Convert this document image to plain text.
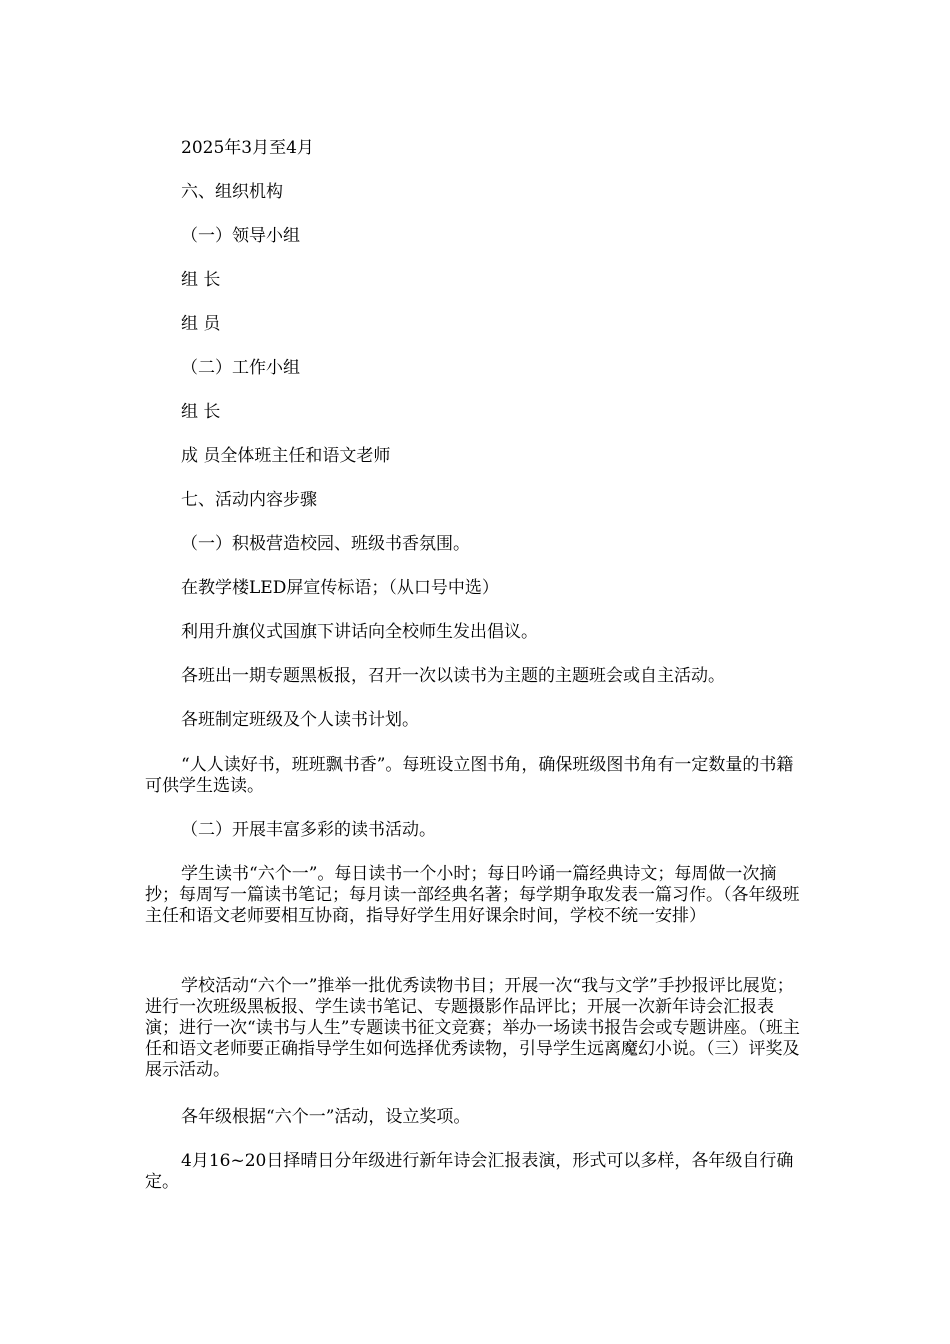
2025年3月至4月

六、组织机构

（一）领导小组

组 长

组 员

（二）工作小组

组 长

成 员全体班主任和语文老师

七、活动内容步骤

（一）积极营造校园、班级书香氛围。

在教学楼LED屏宣传标语；（从口号中选）

利用升旗仪式国旗下讲话向全校师生发出倡议。

各班出一期专题黑板报，召开一次以读书为主题的主题班会或自主活动。

各班制定班级及个人读书计划。

“人人读好书，班班飘书香”。每班设立图书角，确保班级图书角有一定数量的书籍可供学生选读。

（二）开展丰富多彩的读书活动。

学生读书“六个一”。每日读书一个小时；每日吟诵一篇经典诗文；每周做一次摘抄；每周写一篇读书笔记；每月读一部经典名著；每学期争取发表一篇习作。（各年级班主任和语文老师要相互协商，指导好学生用好课余时间，学校不统一安排）

学校活动“六个一”推举一批优秀读物书目；开展一次“我与文学”手抄报评比展览；进行一次班级黑板报、学生读书笔记、专题摄影作品评比；开展一次新年诗会汇报表演；进行一次“读书与人生”专题读书征文竞赛；举办一场读书报告会或专题讲座。（班主任和语文老师要正确指导学生如何选择优秀读物，引导学生远离魔幻小说。（三）评奖及展示活动。

各年级根据“六个一”活动，设立奖项。

4月16~20日择晴日分年级进行新年诗会汇报表演，形式可以多样，各年级自行确定。
